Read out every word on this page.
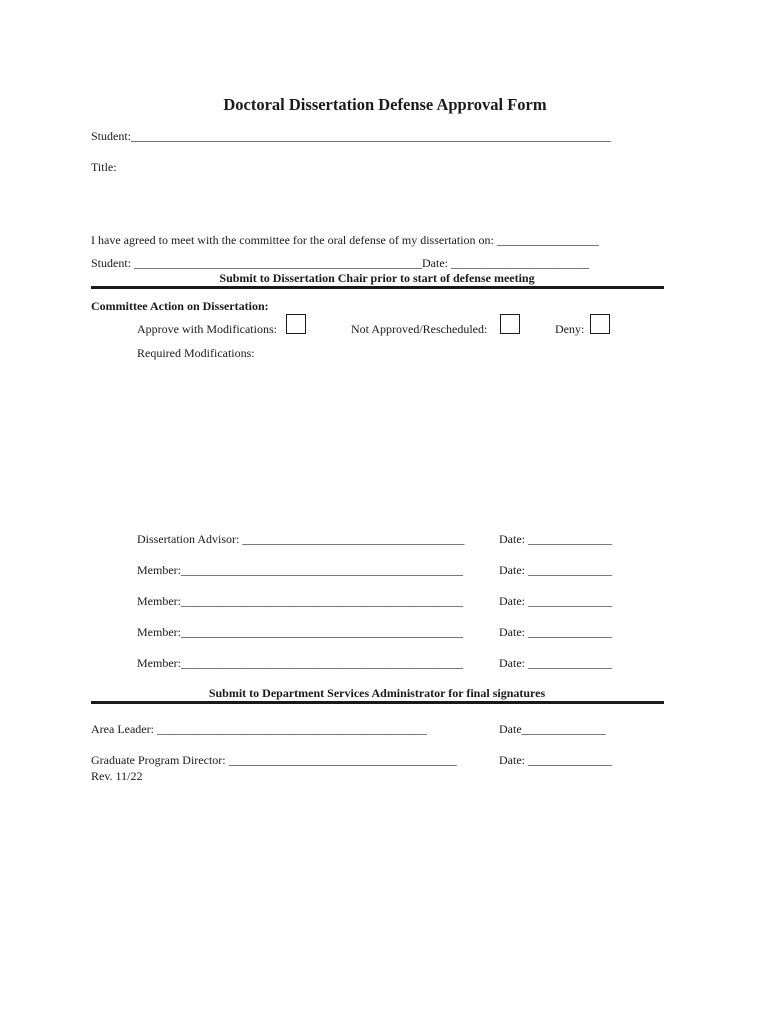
Doctoral Dissertation Defense Approval Form
Student:________________________________________________________________________________
Title:
I have agreed to meet with the committee for the oral defense of my dissertation on: _________________
Student: ________________________________________________Date: _______________________
Submit to Dissertation Chair prior to start of defense meeting
Committee Action on Dissertation:
Approve with Modifications:	Not Approved/Rescheduled:	Deny:
Required Modifications:
Dissertation Advisor: _____________________________________	Date: ______________
Member:_______________________________________________	Date: ______________
Member:_______________________________________________	Date: ______________
Member:_______________________________________________	Date: ______________
Member:_______________________________________________	Date: ______________
Submit to Department Services Administrator for final signatures
Area Leader: _____________________________________________	Date______________
Graduate Program Director: ______________________________________	Date: ______________
Rev. 11/22
